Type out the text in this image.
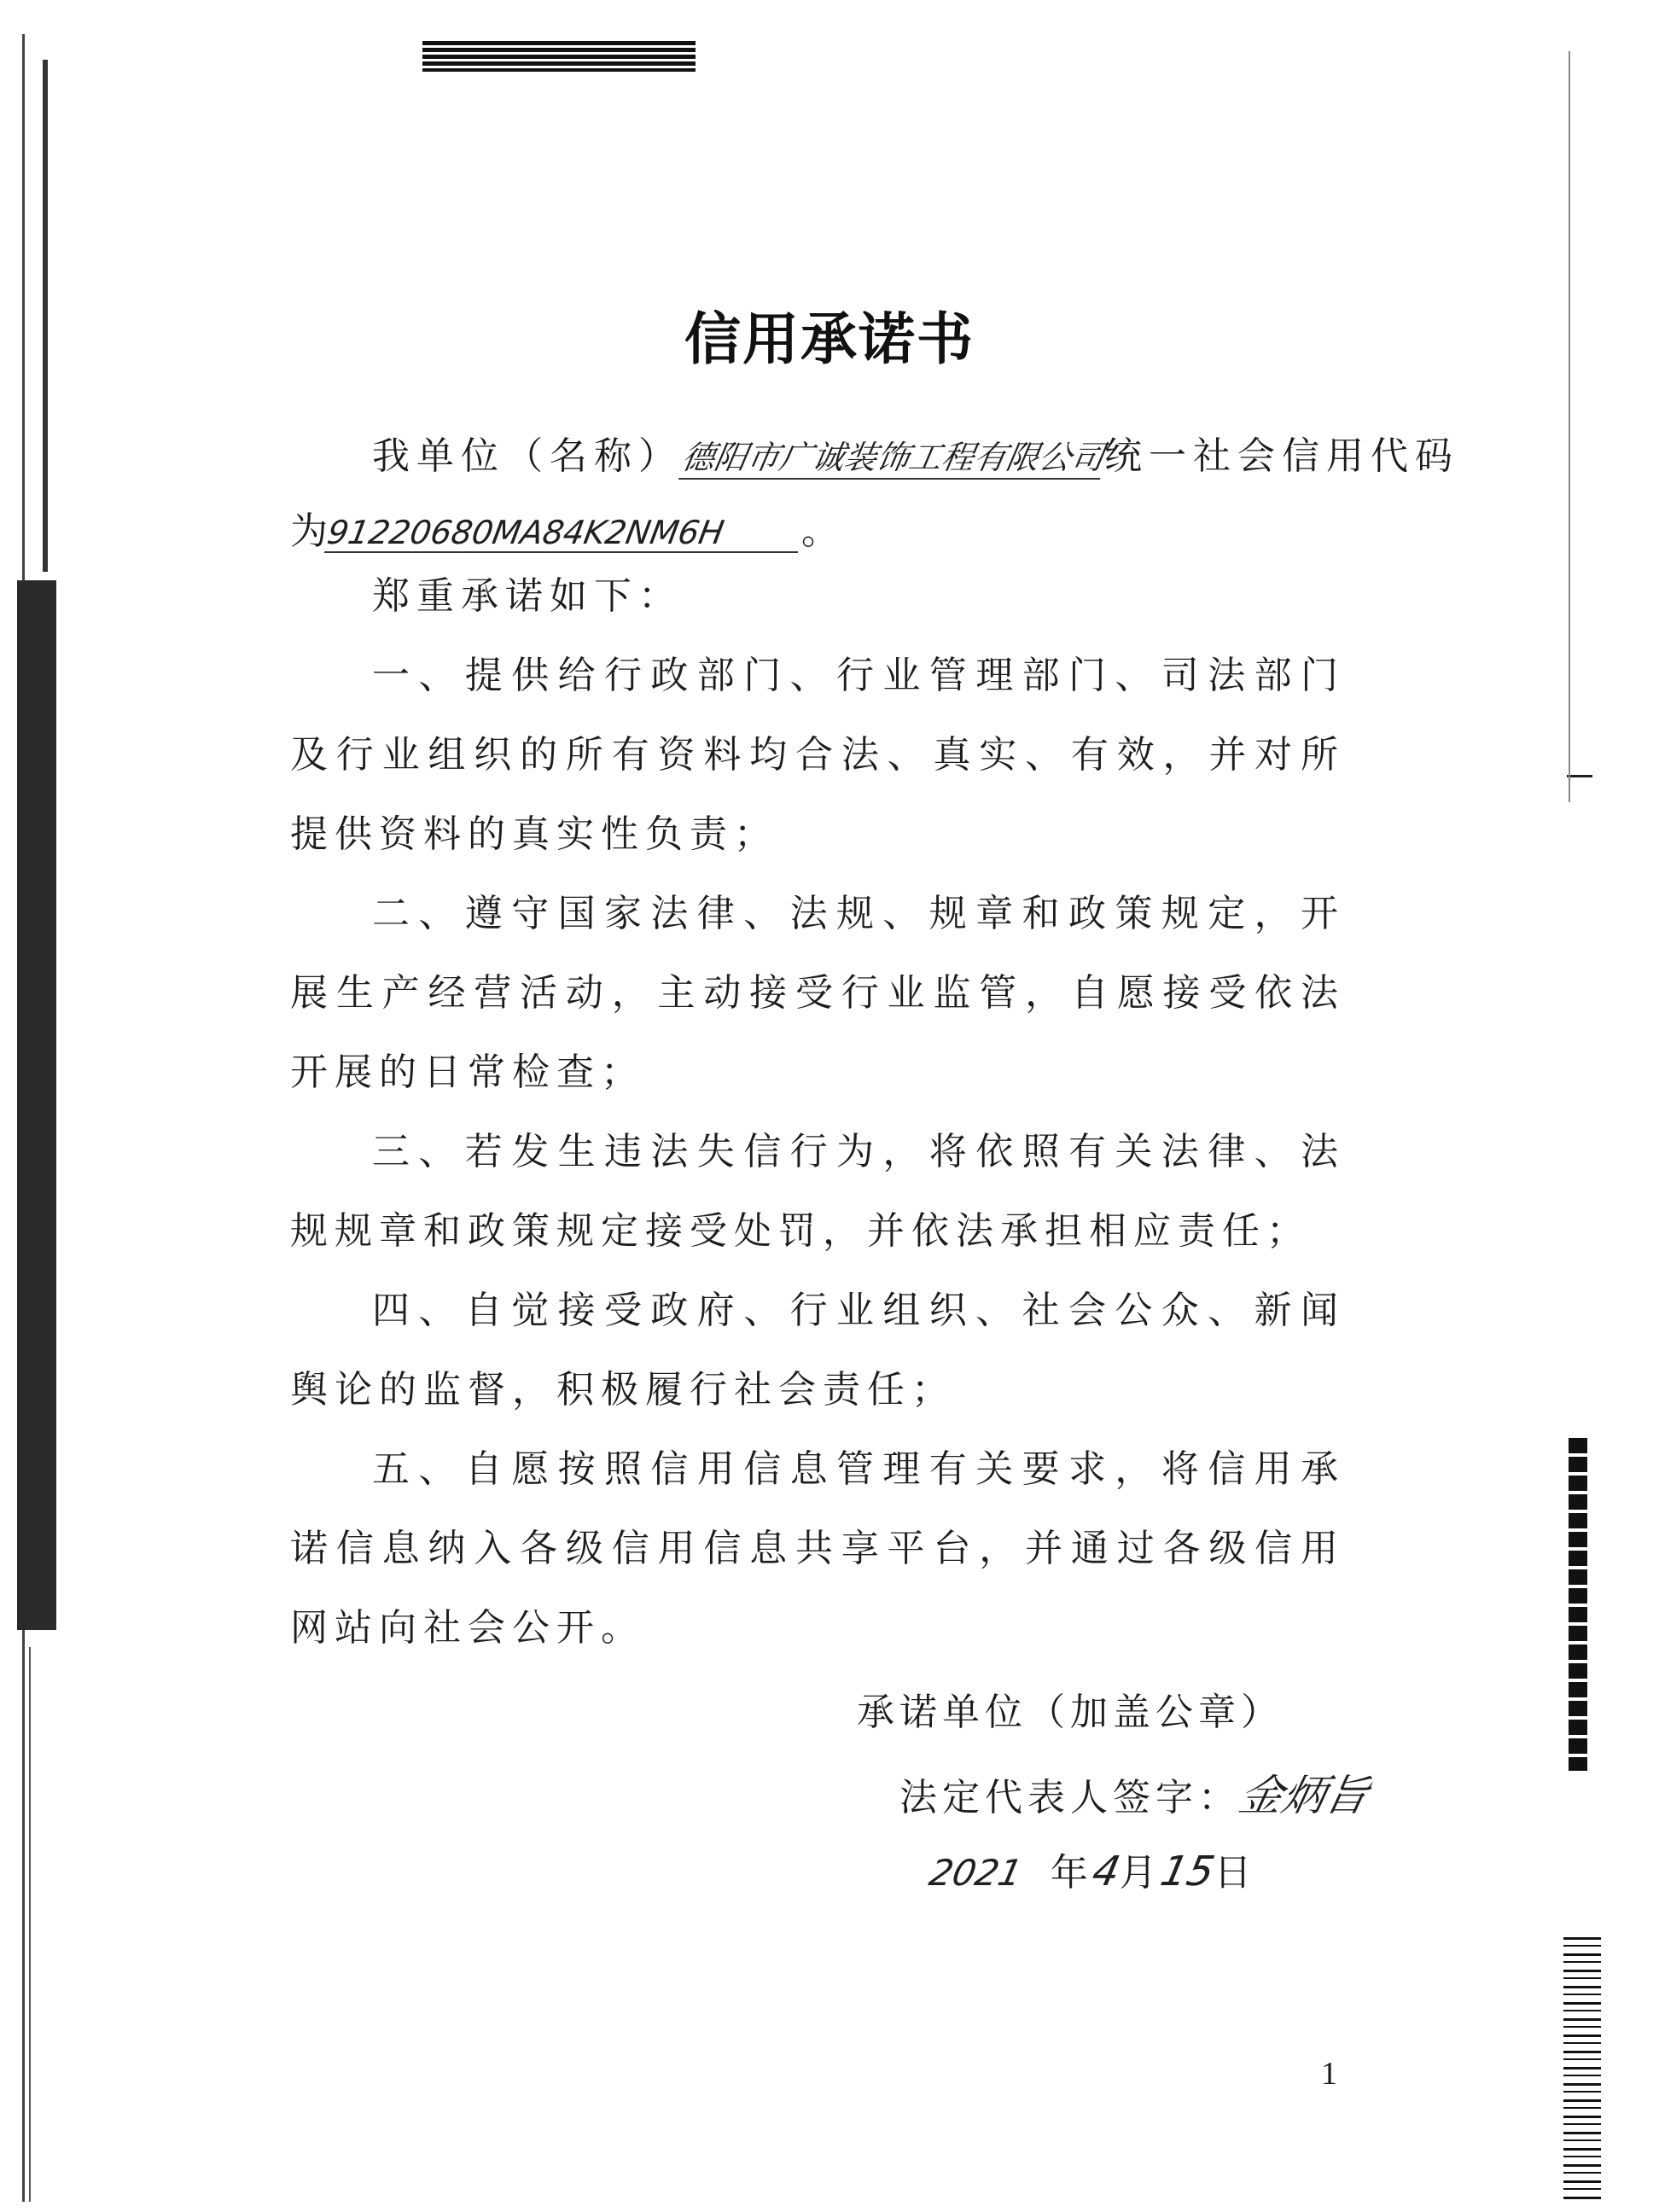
信用承诺书
我单位（名称）德阳市广诚装饰工程有限公司统一社会信用代码
为91220680MA84K2NM6H 。

郑重承诺如下：

一、提供给行政部门、行业管理部门、司法部门及行业组织的所有资料均合法、真实、有效，并对所提供资料的真实性负责；

二、遵守国家法律、法规、规章和政策规定，开展生产经营活动，主动接受行业监管，自愿接受依法开展的日常检查；

三、若发生违法失信行为，将依照有关法律、法规规章和政策规定接受处罚，并依法承担相应责任；

四、自觉接受政府、行业组织、社会公众、新闻舆论的监督，积极履行社会责任；

五、自愿按照信用信息管理有关要求，将信用承诺信息纳入各级信用信息共享平台，并通过各级信用网站向社会公开。

承诺单位（加盖公章）
法定代表人签字：金炳旨
2021 年4月15日
1
